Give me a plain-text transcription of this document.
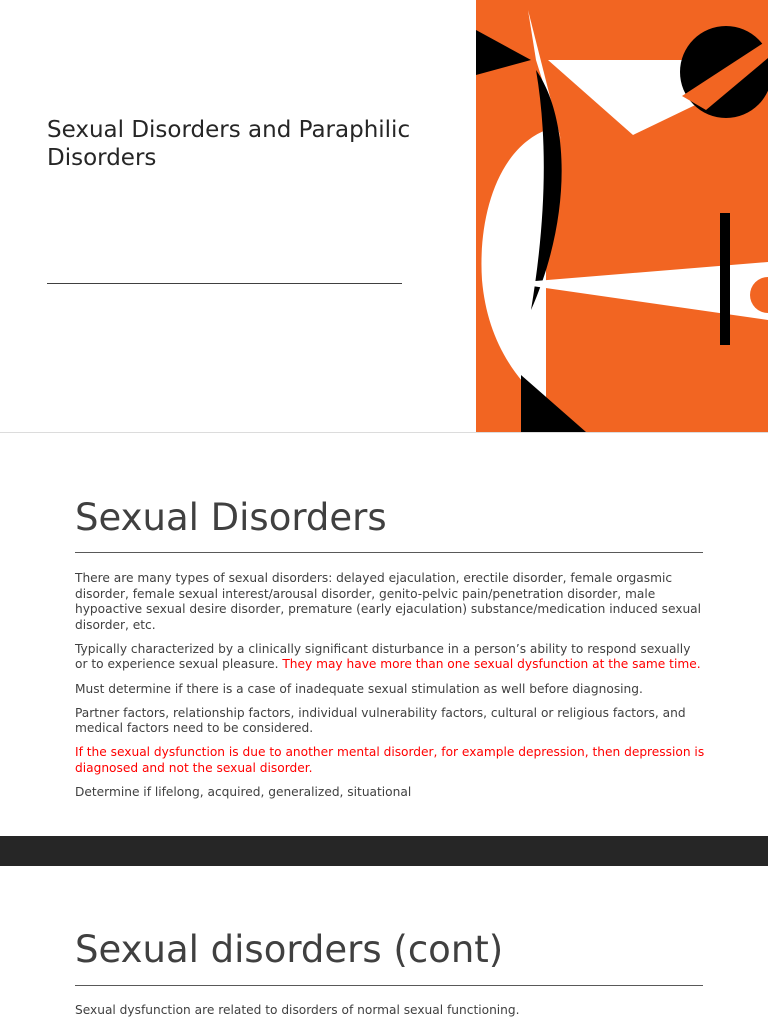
Sexual Disorders and Paraphilic Disorders
Sexual Disorders
There are many types of sexual disorders: delayed ejaculation, erectile disorder, female orgasmic disorder, female sexual interest/arousal disorder, genito-pelvic pain/penetration disorder, male hypoactive sexual desire disorder, premature (early ejaculation) substance/medication induced sexual disorder, etc.
Typically characterized by a clinically significant disturbance in a person’s ability to respond sexually or to experience sexual pleasure. They may have more than one sexual dysfunction at the same time.
Must determine if there is a case of inadequate sexual stimulation as well before diagnosing.
Partner factors, relationship factors, individual vulnerability factors, cultural or religious factors, and medical factors need to be considered.
If the sexual dysfunction is due to another mental disorder, for example depression, then depression is diagnosed and not the sexual disorder.
Determine if lifelong, acquired, generalized, situational
Sexual disorders (cont)
Sexual dysfunction are related to disorders of normal sexual functioning.
